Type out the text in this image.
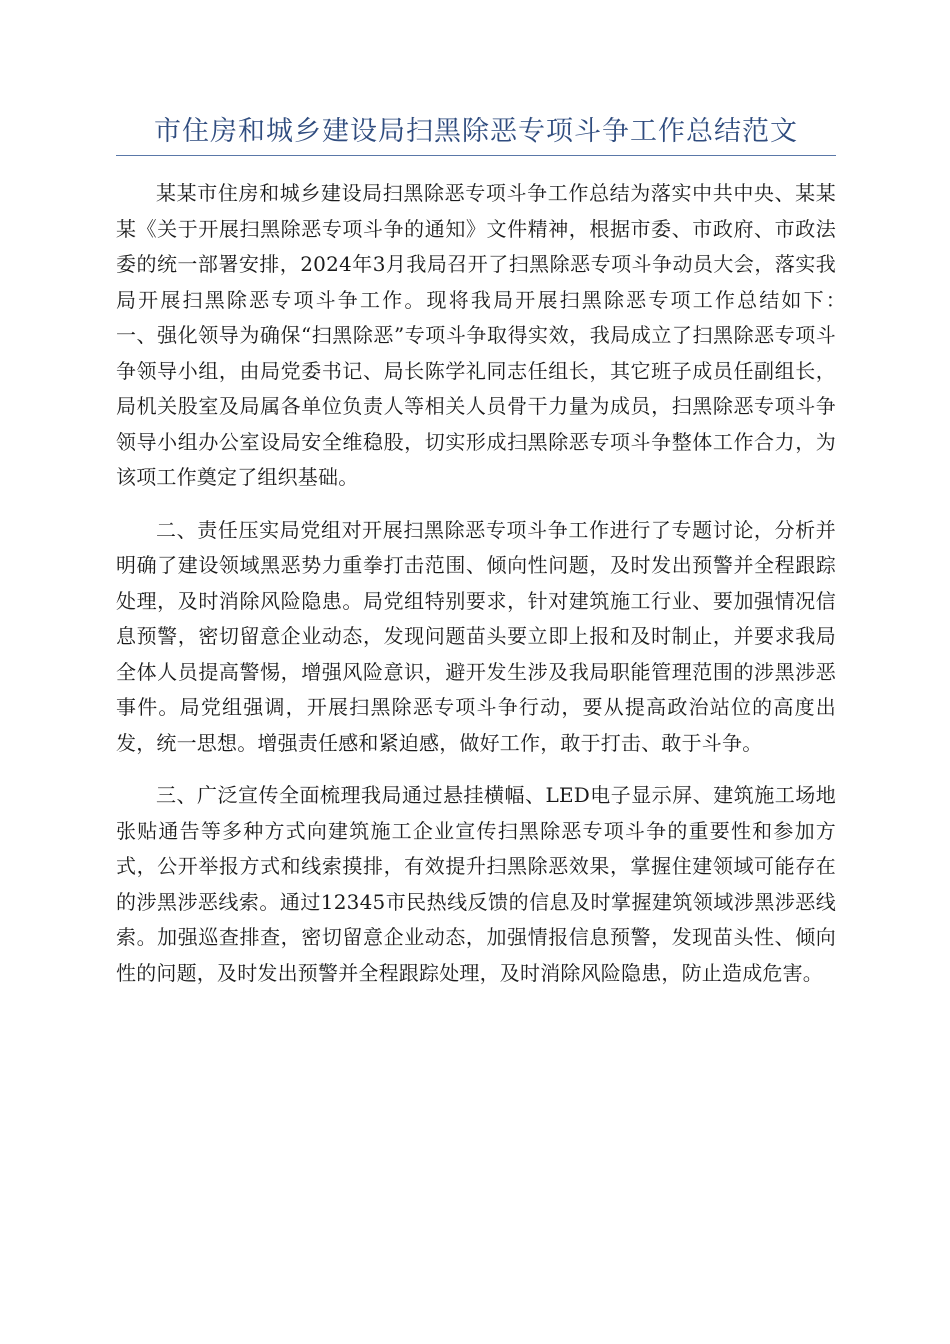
市住房和城乡建设局扫黑除恶专项斗争工作总结范文

某某市住房和城乡建设局扫黑除恶专项斗争工作总结为落实中共中央、某某某《关于开展扫黑除恶专项斗争的通知》文件精神，根据市委、市政府、市政法委的统一部署安排，2024年3月我局召开了扫黑除恶专项斗争动员大会，落实我局开展扫黑除恶专项斗争工作。现将我局开展扫黑除恶专项工作总结如下：　 一、强化领导为确保“扫黑除恶”专项斗争取得实效，我局成立了扫黑除恶专项斗争领导小组，由局党委书记、局长陈学礼同志任组长，其它班子成员任副组长，局机关股室及局属各单位负责人等相关人员骨干力量为成员，扫黑除恶专项斗争领导小组办公室设局安全维稳股，切实形成扫黑除恶专项斗争整体工作合力，为该项工作奠定了组织基础。

二、责任压实局党组对开展扫黑除恶专项斗争工作进行了专题讨论，分析并明确了建设领域黑恶势力重拳打击范围、倾向性问题，及时发出预警并全程跟踪处理，及时消除风险隐患。局党组特别要求，针对建筑施工行业、要加强情况信息预警，密切留意企业动态，发现问题苗头要立即上报和及时制止，并要求我局全体人员提高警惕，增强风险意识，避开发生涉及我局职能管理范围的涉黑涉恶事件。局党组强调，开展扫黑除恶专项斗争行动，要从提高政治站位的高度出发，统一思想。增强责任感和紧迫感，做好工作，敢于打击、敢于斗争。

三、广泛宣传全面梳理我局通过悬挂横幅、LED电子显示屏、建筑施工场地张贴通告等多种方式向建筑施工企业宣传扫黑除恶专项斗争的重要性和参加方式，公开举报方式和线索摸排，有效提升扫黑除恶效果，掌握住建领域可能存在的涉黑涉恶线索。通过12345市民热线反馈的信息及时掌握建筑领域涉黑涉恶线索。加强巡查排查，密切留意企业动态，加强情报信息预警，发现苗头性、倾向性的问题，及时发出预警并全程跟踪处理，及时消除风险隐患，防止造成危害。
